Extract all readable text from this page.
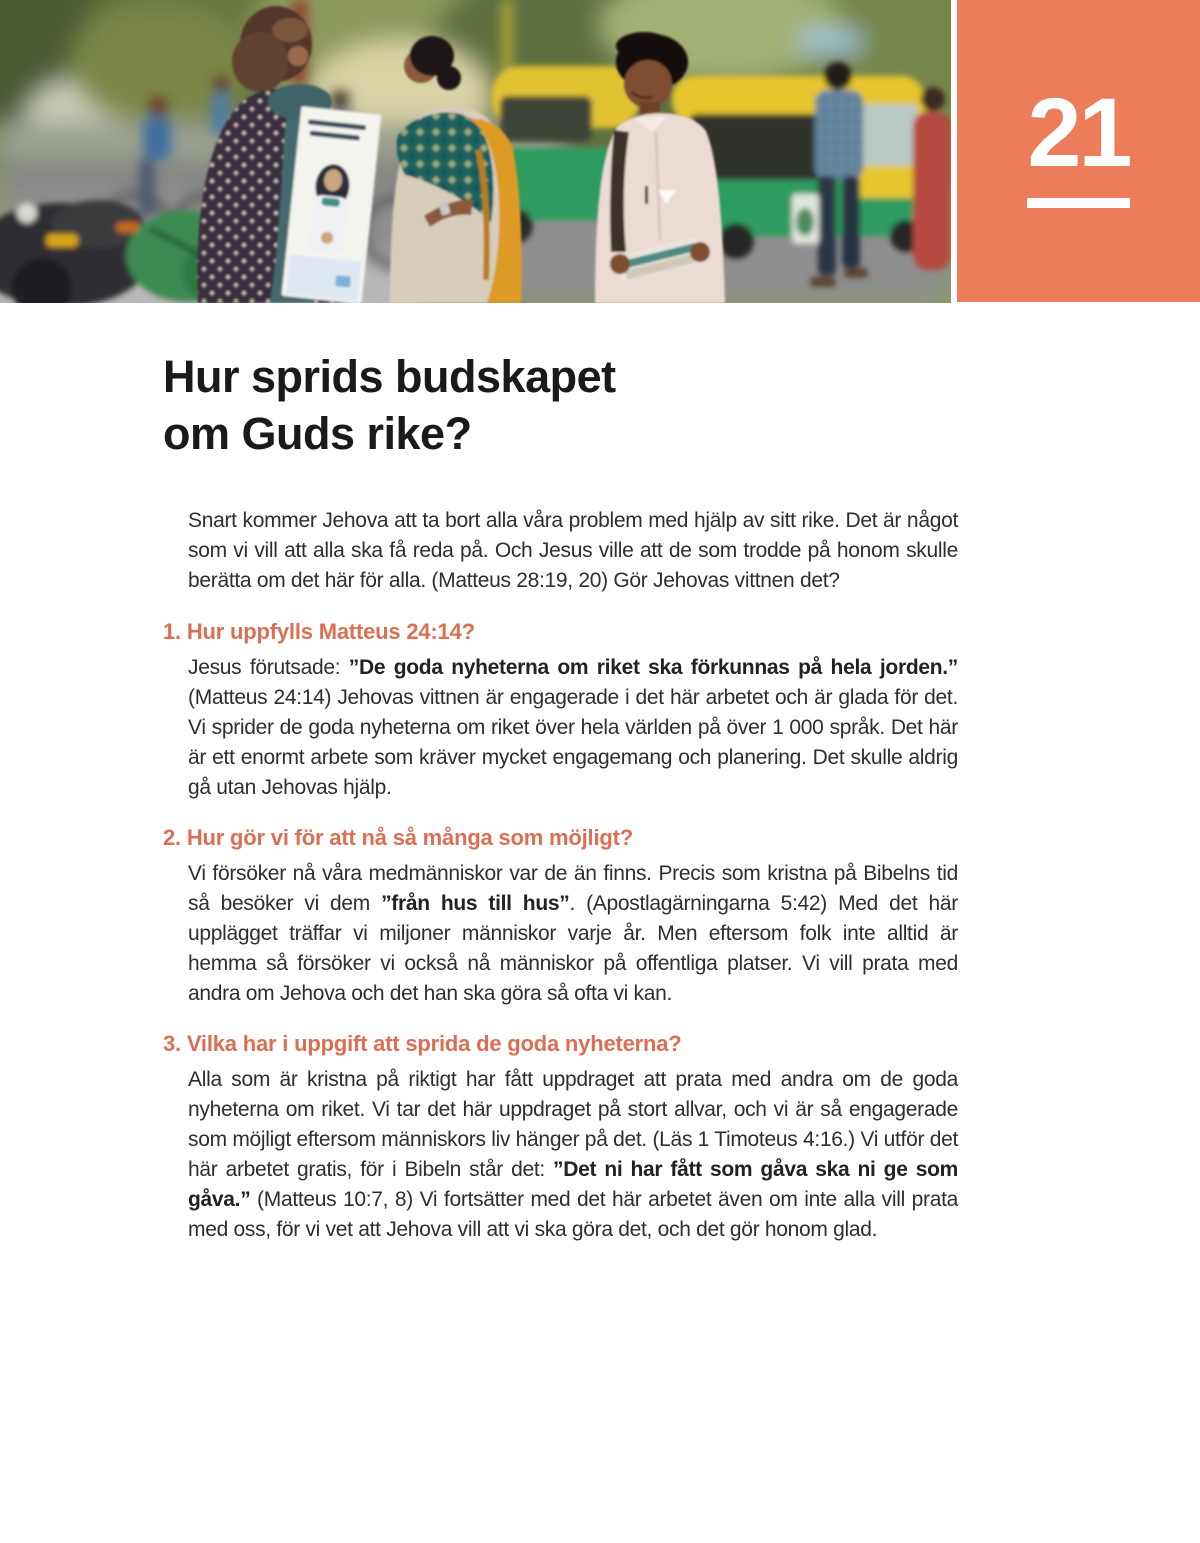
21
Hur sprids budskapet
om Guds rike?

Snart kommer Jehova att ta bort alla våra problem med hjälp av sitt rike. Det är något som vi vill att alla ska få reda på. Och Jesus ville att de som trodde på honom skulle berätta om det här för alla. (Matteus 28:19, 20) Gör Jehovas vittnen det?

1. Hur uppfylls Matteus 24:14?

Jesus förutsade: ”De goda nyheterna om riket ska förkunnas på hela jorden.” (Matteus 24:14) Jehovas vittnen är engagerade i det här arbetet och är glada för det. Vi sprider de goda nyheterna om riket över hela världen på över 1 000 språk. Det här är ett enormt arbete som kräver mycket engagemang och planering. Det skulle aldrig gå utan Jehovas hjälp.

2. Hur gör vi för att nå så många som möjligt?

Vi försöker nå våra medmänniskor var de än finns. Precis som kristna på Bibelns tid så besöker vi dem ”från hus till hus”. (Apostlagärningarna 5:42) Med det här upplägget träffar vi miljoner människor varje år. Men eftersom folk inte alltid är hemma så försöker vi också nå människor på offentliga platser. Vi vill prata med andra om Jehova och det han ska göra så ofta vi kan.

3. Vilka har i uppgift att sprida de goda nyheterna?

Alla som är kristna på riktigt har fått uppdraget att prata med andra om de goda nyheterna om riket. Vi tar det här uppdraget på stort allvar, och vi är så engagerade som möjligt eftersom människors liv hänger på det. (Läs 1 Timoteus 4:16.) Vi utför det här arbetet gratis, för i Bibeln står det: ”Det ni har fått som gåva ska ni ge som gåva.” (Matteus 10:7, 8) Vi fortsätter med det här arbetet även om inte alla vill prata med oss, för vi vet att Jehova vill att vi ska göra det, och det gör honom glad.
